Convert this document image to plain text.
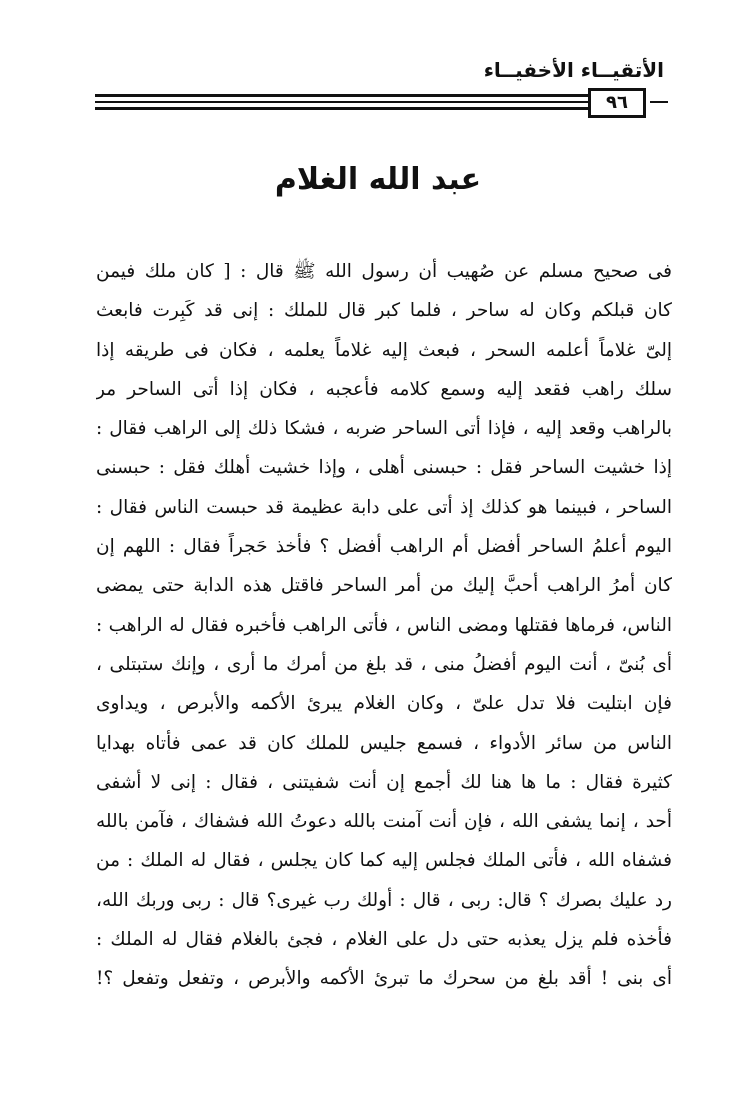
الأتقيــاء الأخفيــاء
٩٦
عبد الله الغلام
فى صحيح مسلم عن صُهيب أن رسول الله ﷺ قال : [ كان ملك فيمن
كان قبلكم وكان له ساحر ، فلما كبر قال للملك : إنى قد كَبِرت فابعث
إلىّ غلاماً أعلمه السحر ، فبعث إليه غلاماً يعلمه ، فكان فى طريقه إذا
سلك راهب فقعد إليه وسمع كلامه فأعجبه ، فكان إذا أتى الساحر مر
بالراهب وقعد إليه ، فإذا أتى الساحر ضربه ، فشكا ذلك إلى الراهب فقال :
إذا خشيت الساحر فقل : حبسنى أهلى ، وإذا خشيت أهلك فقل : حبسنى
الساحر ، فبينما هو كذلك إذ أتى على دابة عظيمة قد حبست الناس فقال :
اليوم أعلمُ الساحر أفضل أم الراهب أفضل ؟ فأخذ حَجراً فقال : اللهم إن
كان أمرُ الراهب أحبَّ إليك من أمر الساحر فاقتل هذه الدابة حتى يمضى
الناس، فرماها فقتلها ومضى الناس ، فأتى الراهب فأخبره فقال له الراهب :
أى بُنىّ ، أنت اليوم أفضلُ منى ، قد بلغ من أمرك ما أرى ، وإنك ستبتلى ،
فإن ابتليت فلا تدل علىّ ، وكان الغلام يبرئ الأكمه والأبرص ، ويداوى
الناس من سائر الأدواء ، فسمع جليس للملك كان قد عمى فأتاه بهدايا
كثيرة فقال : ما ها هنا لك أجمع إن أنت شفيتنى ، فقال : إنى لا أشفى
أحد ، إنما يشفى الله ، فإن أنت آمنت بالله دعوتُ الله فشفاك ، فآمن بالله
فشفاه الله ، فأتى الملك فجلس إليه كما كان يجلس ، فقال له الملك : من
رد عليك بصرك ؟ قال: ربى ، قال : أولك رب غيرى؟ قال : ربى وربك الله،
فأخذه فلم يزل يعذبه حتى دل على الغلام ، فجئ بالغلام فقال له الملك :
أى بنى ! أقد بلغ من سحرك ما تبرئ الأكمه والأبرص ، وتفعل وتفعل ؟!
